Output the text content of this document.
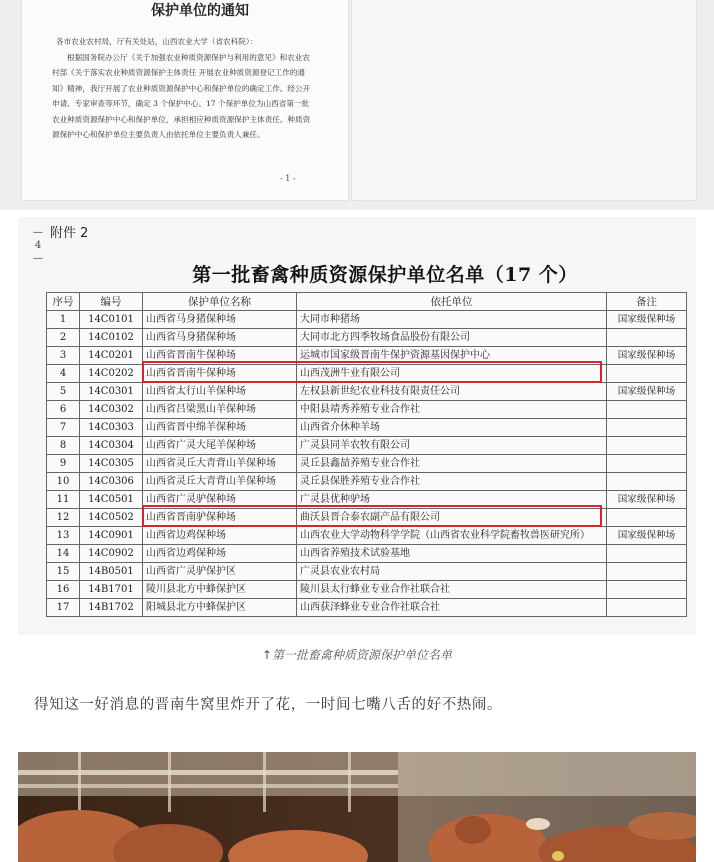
保护单位的通知

各市农业农村局，厅有关处站，山西农业大学（省农科院）：

根据国务院办公厅《关于加强农业种质资源保护与利用的意见》和农业农村部《关于落实农业种质资源保护主体责任 开展农业种质资源登记工作的通知》精神，我厅开展了农业种质资源保护中心和保护单位的确定工作。经公开申请、专家审查等环节，确定 3 个保护中心、17 个保护单位为山西省第一批农业种质资源保护中心和保护单位，承担相应种质资源保护主体责任。种质资源保护中心和保护单位主要负责人由依托单位主要负责人兼任。

- 1 -
—
4
—
附件 2
第一批畜禽种质资源保护单位名单（17 个）
序号	编号	保护单位名称	依托单位	备注
1	14C0101	山西省马身猪保种场	大同市种猪场	国家级保种场
2	14C0102	山西省马身猪保种场	大同市北方四季牧场食品股份有限公司	
3	14C0201	山西省晋南牛保种场	运城市国家级晋南牛保护资源基因保护中心	国家级保种场
4	14C0202	山西省晋南牛保种场	山西茂洲牛业有限公司	
5	14C0301	山西省太行山羊保种场	左权县新世纪农业科技有限责任公司	国家级保种场
6	14C0302	山西省吕梁黑山羊保种场	中阳县靖秀养殖专业合作社	
7	14C0303	山西省晋中绵羊保种场	山西省介休种羊场	
8	14C0304	山西省广灵大尾羊保种场	广灵县同羊农牧有限公司	
9	14C0305	山西省灵丘大青背山羊保种场	灵丘县鑫喆养殖专业合作社	
10	14C0306	山西省灵丘大青背山羊保种场	灵丘县保胜养殖专业合作社	
11	14C0501	山西省广灵驴保种场	广灵县优种驴场	国家级保种场
12	14C0502	山西省晋南驴保种场	曲沃县晋合泰农副产品有限公司	
13	14C0901	山西省边鸡保种场	山西农业大学动物科学学院（山西省农业科学院畜牧兽医研究所）	国家级保种场
14	14C0902	山西省边鸡保种场	山西省养殖技术试验基地	
15	14B0501	山西省广灵驴保护区	广灵县农业农村局	
16	14B1701	陵川县北方中蜂保护区	陵川县太行蜂业专业合作社联合社	
17	14B1702	阳城县北方中蜂保护区	山西获泽蜂业专业合作社联合社	
↑第一批畜禽种质资源保护单位名单

得知这一好消息的晋南牛窝里炸开了花，一时间七嘴八舌的好不热闹。
